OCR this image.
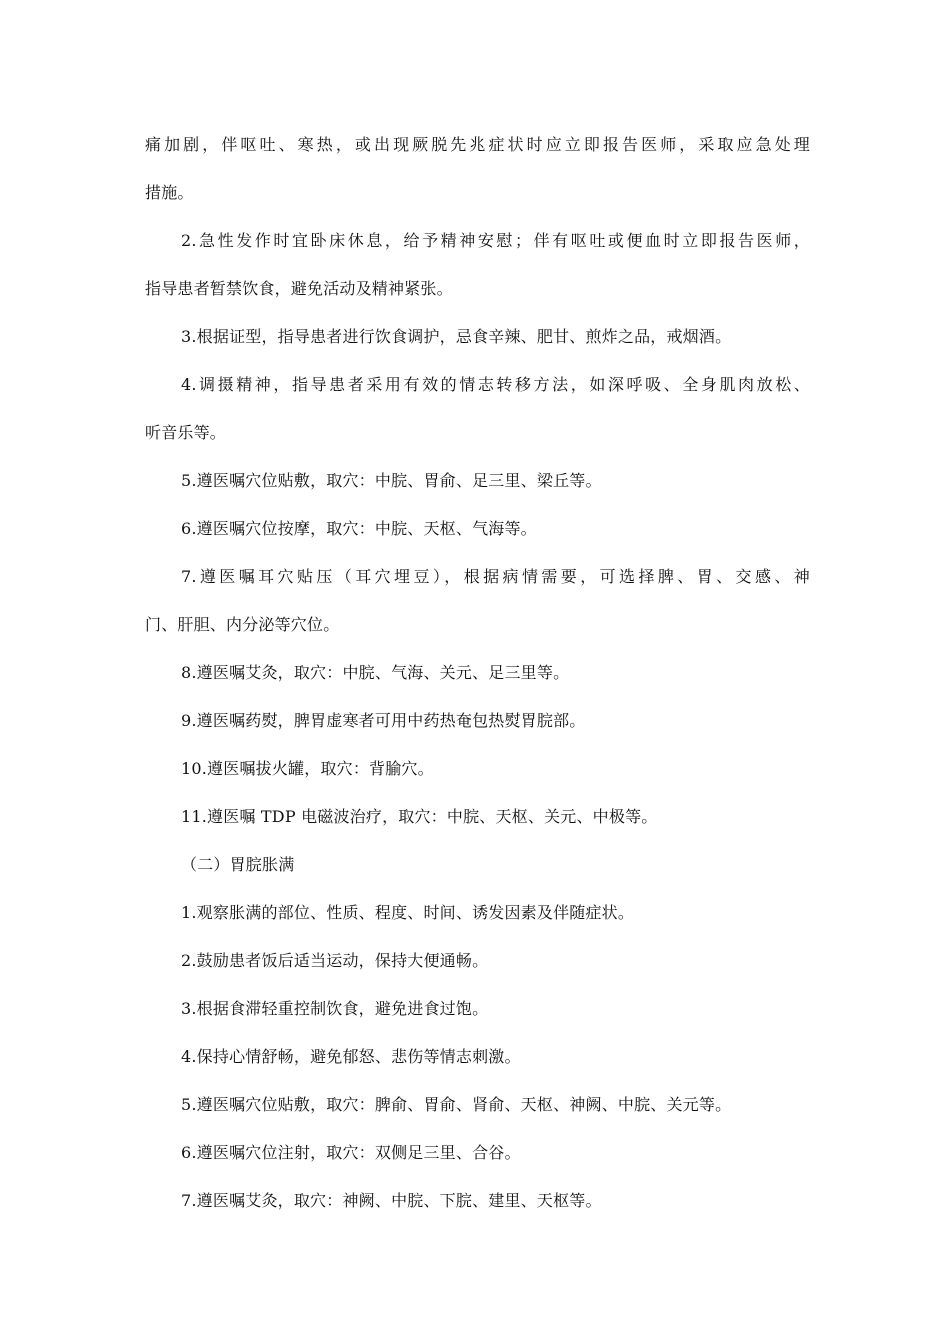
痛加剧，伴呕吐、寒热，或出现厥脱先兆症状时应立即报告医师，采取应急处理
措施。
2.急性发作时宜卧床休息，给予精神安慰；伴有呕吐或便血时立即报告医师，
指导患者暂禁饮食，避免活动及精神紧张。
3.根据证型，指导患者进行饮食调护，忌食辛辣、肥甘、煎炸之品，戒烟酒。
4.调摄精神，指导患者采用有效的情志转移方法，如深呼吸、全身肌肉放松、
听音乐等。
5.遵医嘱穴位贴敷，取穴：中脘、胃俞、足三里、梁丘等。
6.遵医嘱穴位按摩，取穴：中脘、天枢、气海等。
7.遵医嘱耳穴贴压（耳穴埋豆），根据病情需要，可选择脾、胃、交感、神
门、肝胆、内分泌等穴位。
8.遵医嘱艾灸，取穴：中脘、气海、关元、足三里等。
9.遵医嘱药熨，脾胃虚寒者可用中药热奄包热熨胃脘部。
10.遵医嘱拔火罐，取穴：背腧穴。
11.遵医嘱 TDP 电磁波治疗，取穴：中脘、天枢、关元、中极等。
（二）胃脘胀满
1.观察胀满的部位、性质、程度、时间、诱发因素及伴随症状。
2.鼓励患者饭后适当运动，保持大便通畅。
3.根据食滞轻重控制饮食，避免进食过饱。
4.保持心情舒畅，避免郁怒、悲伤等情志刺激。
5.遵医嘱穴位贴敷，取穴：脾俞、胃俞、肾俞、天枢、神阙、中脘、关元等。
6.遵医嘱穴位注射，取穴：双侧足三里、合谷。
7.遵医嘱艾灸，取穴：神阙、中脘、下脘、建里、天枢等。
